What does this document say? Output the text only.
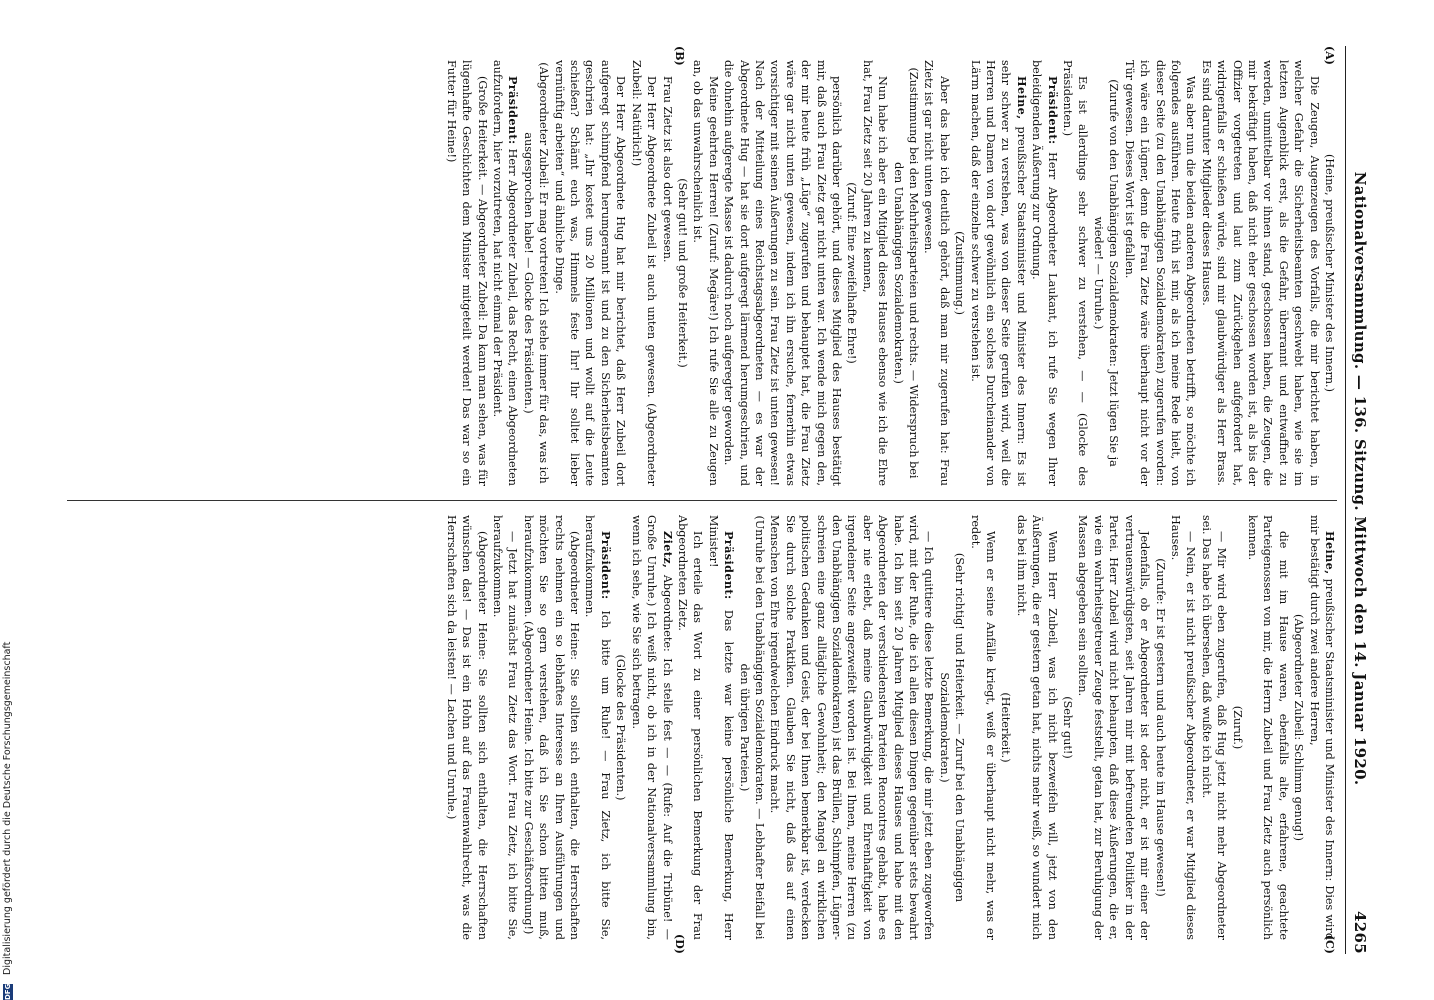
Nationalversammlung. — 136. Sitzung. Mittwoch den 14. Januar 1920.
4265
(A)
(B)

(Heine, preußischer Minister des Innern.)

Die Zeugen, Augenzeugen des Vorfalls, die mir berichtet haben, in welcher Gefahr die Sicherheitsbeamten geschwebt haben, wie sie im letzten Augenblick erst, als die Gefahr, überrannt und entwaffnet zu werden, unmittelbar vor ihnen stand, geschossen haben, die Zeugen, die mir bekräftigt haben, daß nicht eher geschossen worden ist, als bis der Offizier vorgetreten und laut zum Zurückgehen aufgefordert hat, widrigenfalls er schießen würde, sind mir glaubwürdiger als Herr Brass. Es sind darunter Mitglieder dieses Hauses.

Was aber nun die beiden anderen Abgeordneten betrifft, so möchte ich folgendes ausführen. Heute früh ist mir, als ich meine Rede hielt, von dieser Seite (zu den Unabhängigen Sozialdemokraten) zugerufen worden: ich wäre ein Lügner, denn die Frau Zietz wäre überhaupt nicht vor der Tür gewesen. Dieses Wort ist gefallen.

(Zurufe von den Unabhängigen Sozialdemokraten: Jetzt lügen Sie ja wieder! — Unruhe.)

Es ist allerdings sehr schwer zu verstehen, — — (Glocke des Präsidenten.)

Präsident: Herr Abgeordneter Laukant, ich rufe Sie wegen Ihrer beleidigenden Äußerung zur Ordnung.

Heine, preußischer Staatsminister und Minister des Innern: Es ist sehr schwer zu verstehen, was von dieser Seite gerufen wird, weil die Herren und Damen von dort gewöhnlich ein solches Durcheinander von Lärm machen, daß der einzelne schwer zu verstehen ist.

(Zustimmung.)

Aber das habe ich deutlich gehört, daß man mir zugerufen hat: Frau Zietz ist gar nicht unten gewesen.

(Zustimmung bei den Mehrheitsparteien und rechts. — Widerspruch bei den Unabhängigen Sozialdemokraten.)

Nun habe ich aber ein Mitglied dieses Hauses ebenso wie ich die Ehre hat, Frau Zietz seit 20 Jahren zu kennen,

(Zuruf: Eine zweifelhafte Ehre!)

persönlich darüber gehört, und dieses Mitglied des Hauses bestätigt mir, daß auch Frau Zietz gar nicht unten war. Ich wende mich gegen den, der mir heute früh „Lüge“ zugerufen und behauptet hat, die Frau Zietz wäre gar nicht unten gewesen, indem ich ihn ersuche, fernerhin etwas vorsichtiger mit seinen Äußerungen zu sein. Frau Zietz ist unten gewesen! Nach der Mitteilung eines Reichstagsabgeordneten — es war der Abgeordnete Hug — hat sie dort aufgeregt lärmend herumgeschrien, und die ohnehin aufgeregte Masse ist dadurch noch aufgeregter geworden.

Meine geehrten Herren! (Zuruf: Megäre!) Ich rufe Sie alle zu Zeugen an, ob das unwahrscheinlich ist.

(Sehr gut! und große Heiterkeit.)

Frau Zietz ist also dort gewesen.

Der Herr Abgeordnete Zubeil ist auch unten gewesen. (Abgeordneter Zubeil: Natürlich!)

Der Herr Abgeordnete Hug hat mir berichtet, daß Herr Zubeil dort aufgeregt schimpfend herumgerannt ist und zu den Sicherheitsbeamten geschrien hat: „Ihr kostet uns 20 Millionen und wollt auf die Leute schießen? Schämt euch was, Himmels feste Ihr! Ihr solltet lieber vernünftig arbeiten“ und ähnliche Dinge.

(Abgeordneter Zubeil: Er mag vortreten! Ich stehe immer für das, was ich ausgesprochen habe! — Glocke des Präsidenten.)

Präsident: Herr Abgeordneter Zubeil, das Recht, einen Abgeordneten aufzufordern, hier vorzutreten, hat nicht einmal der Präsident.

(Große Heiterkeit. — Abgeordneter Zubeil: Da kann man sehen, was für lügenhafte Geschichten dem Minister mitgeteilt werden! Das war so ein Futter für Heine!)

(C)
(D)

Heine, preußischer Staatsminister und Minister des Innern: Dies wird mir bestätigt durch zwei andere Herren,

(Abgeordneter Zubeil: Schlimm genug!)

die mit im Hause waren, ebenfalls alte, erfahrene, geachtete Parteigenossen von mir, die Herrn Zubeil und Frau Zietz auch persönlich kennen.

(Zuruf.)

— Mir wird eben zugerufen, daß Hug jetzt nicht mehr Abgeordneter sei. Das habe ich übersehen, daß wußte ich nicht.

— Nein, er ist nicht preußischer Abgeordneter, er war Mitglied dieses Hauses.

(Zurufe: Er ist gestern und auch heute im Hause gewesen!)

Jedenfalls, ob er Abgeordneter ist oder nicht, er ist mir einer der vertrauenswürdigsten, seit Jahren mir mit befreundeten Politiker in der Partei. Herr Zubeil wird nicht behaupten, daß diese Äußerungen, die er, wie ein wahrheitsgetreuer Zeuge feststellt, getan hat, zur Beruhigung der Massen abgegeben sein sollten.

(Sehr gut!)

Wenn Herr Zubeil, was ich nicht bezweifeln will, jetzt von den Äußerungen, die er gestern getan hat, nichts mehr weiß, so wundert mich das bei ihm nicht.

(Heiterkeit.)

Wenn er seine Anfälle kriegt, weiß er überhaupt nicht mehr, was er redet.

(Sehr richtig! und Heiterkeit. — Zuruf bei den Unabhängigen Sozialdemokraten.)

— Ich quittiere diese letzte Bemerkung, die mir jetzt eben zugeworfen wird, mit der Ruhe, die ich allen diesen Dingen gegenüber stets bewahrt habe. Ich bin seit 20 Jahren Mitglied dieses Hauses und habe mit den Abgeordneten der verschiedensten Parteien Rencontres gehabt, habe es aber nie erlebt, daß meine Glaubwürdigkeit und Ehrenhaftigkeit von irgendeiner Seite angezweifelt worden ist. Bei Ihnen, meine Herren (zu den Unabhängigen Sozialdemokraten) ist das Brüllen, Schimpfen, Lügner-schreien eine ganz alltägliche Gewohnheit; den Mangel an wirklichen politischen Gedanken und Geist, der bei Ihnen bemerkbar ist, verdecken Sie durch solche Praktiken. Glauben Sie nicht, daß das auf einen Menschen von Ehre irgendwelchen Eindruck macht.

(Unruhe bei den Unabhängigen Sozialdemokraten. — Lebhafter Beifall bei den übrigen Parteien.)

Präsident: Das letzte war keine persönliche Bemerkung, Herr Minister!

Ich erteile das Wort zu einer persönlichen Bemerkung der Frau Abgeordneten Zietz.

Zietz, Abgeordnete: Ich stelle fest — — (Rufe: Auf die Tribüne! — Große Unruhe.) Ich weiß nicht, ob ich in der Nationalversammlung bin, wenn ich sehe, wie Sie sich betragen.

(Glocke des Präsidenten.)

Präsident: Ich bitte um Ruhe! — Frau Zietz, ich bitte Sie, heraufzukommen.

(Abgeordneter Heine: Sie sollten sich enthalten, die Herrschaften rechts nehmen ein so lebhaftes Interesse an Ihren Ausführungen und möchten Sie so gern verstehen, daß ich Sie schon bitten muß, heraufzukommen. (Abgeordneter Heine. Ich bitte zur Geschäftsordnung!)

— Jetzt hat zunächst Frau Zietz das Wort. Frau Zietz, ich bitte Sie, heraufzukommen.

(Abgeordneter Heine: Sie sollten sich enthalten, die Herrschaften wünschen das! — Das ist ein Hohn auf das Frauenwahlrecht, was die Herrschaften sich da leisten! — Lachen und Unruhe.)

DFG Digitalisierung gefördert durch die Deutsche Forschungsgemeinschaft
